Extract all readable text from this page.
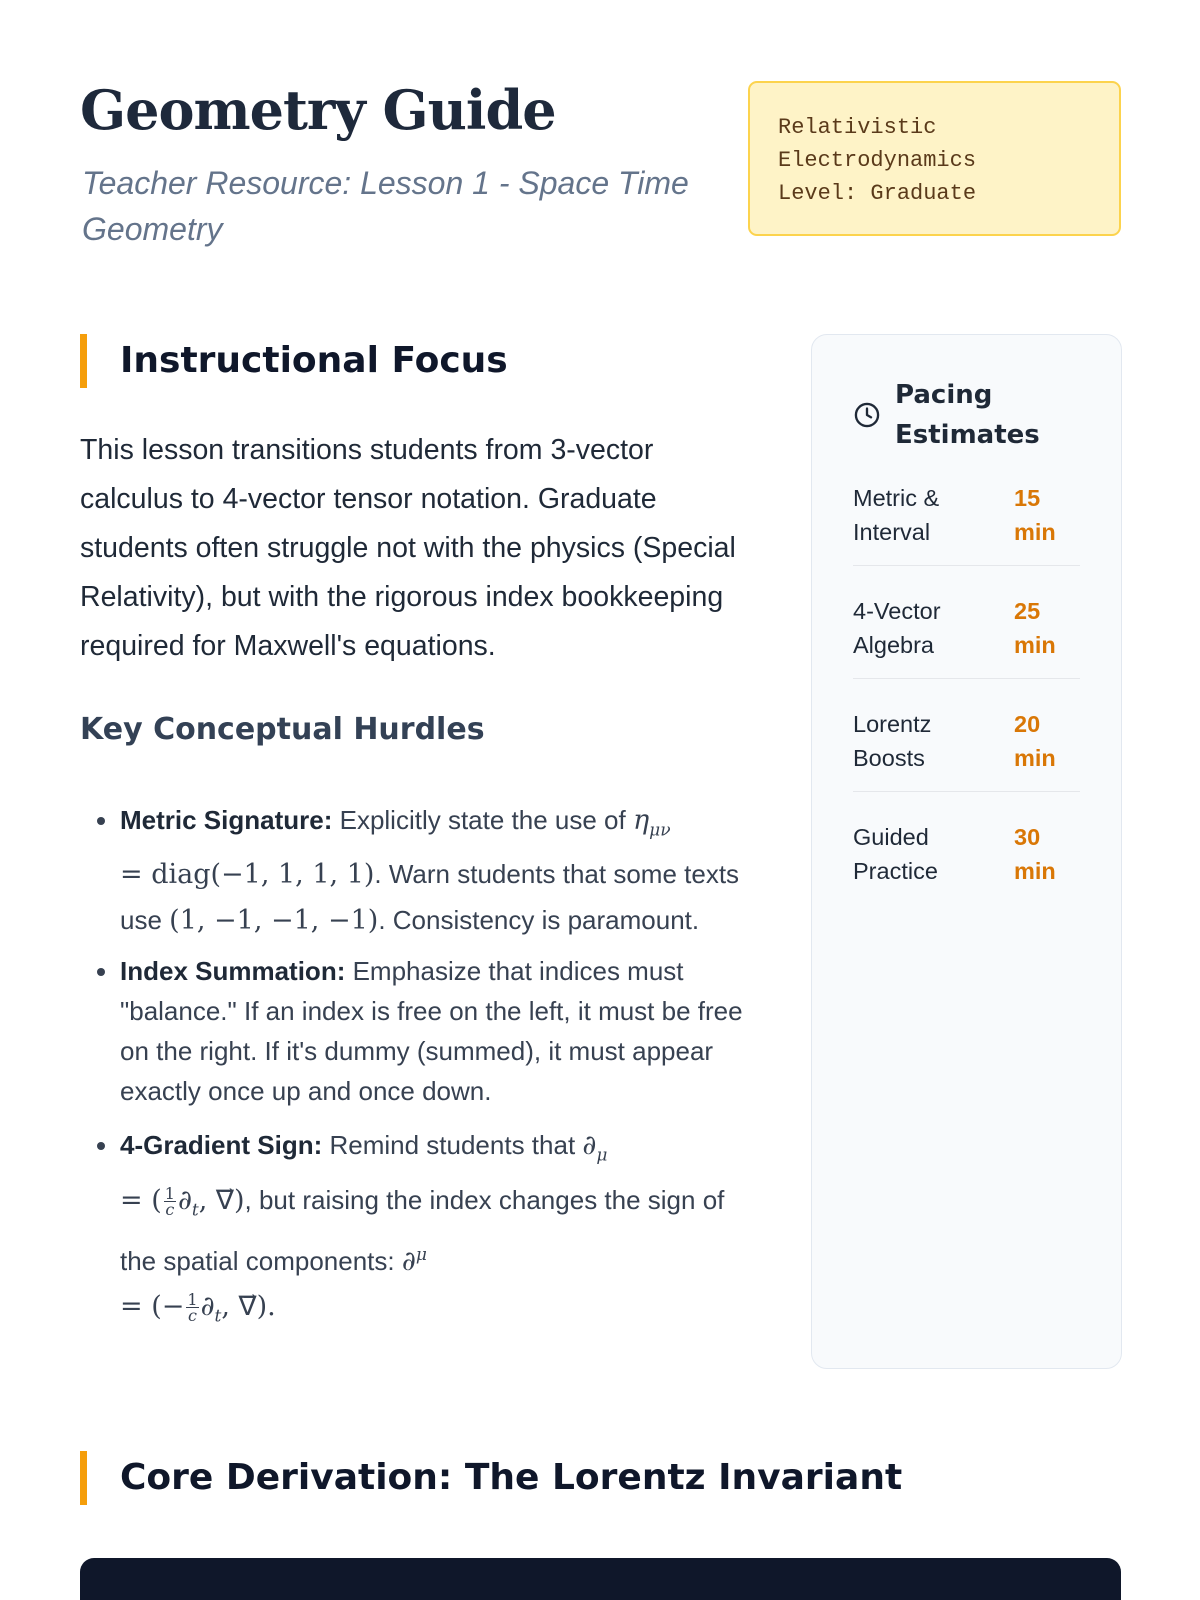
Geometry Guide

Teacher Resource: Lesson 1 - Space Time Geometry

Relativistic
Electrodynamics
Level: Graduate
Instructional Focus

This lesson transitions students from 3-vector calculus to 4-vector tensor notation. Graduate students often struggle not with the physics (Special Relativity), but with the rigorous index bookkeeping required for Maxwell's equations.

Key Conceptual Hurdles
• Metric Signature: Explicitly state the use of $\eta_{\mu\nu}$
= diag(−1, 1, 1, 1). Warn students that some texts use (1, −1, −1, −1). Consistency is paramount.
• Index Summation: Emphasize that indices must "balance." If an index is free on the left, it must be free on the right. If it's dummy (summed), it must appear exactly once up and once down.
• 4-Gradient Sign: Remind students that $\partial_\mu$
= ( $\frac{1}{c} \partial_t$, ∇⃗), but raising the index changes the sign of the spatial components: ∂$^\mu$
= (− $\frac{1}{c} \partial_t$, ∇⃗).
Pacing Estimates
Metric & Interval
15 min
4-Vector Algebra
25 min
Lorentz Boosts
20 min
Guided Practice
30 min
Core Derivation: The Lorentz Invariant
